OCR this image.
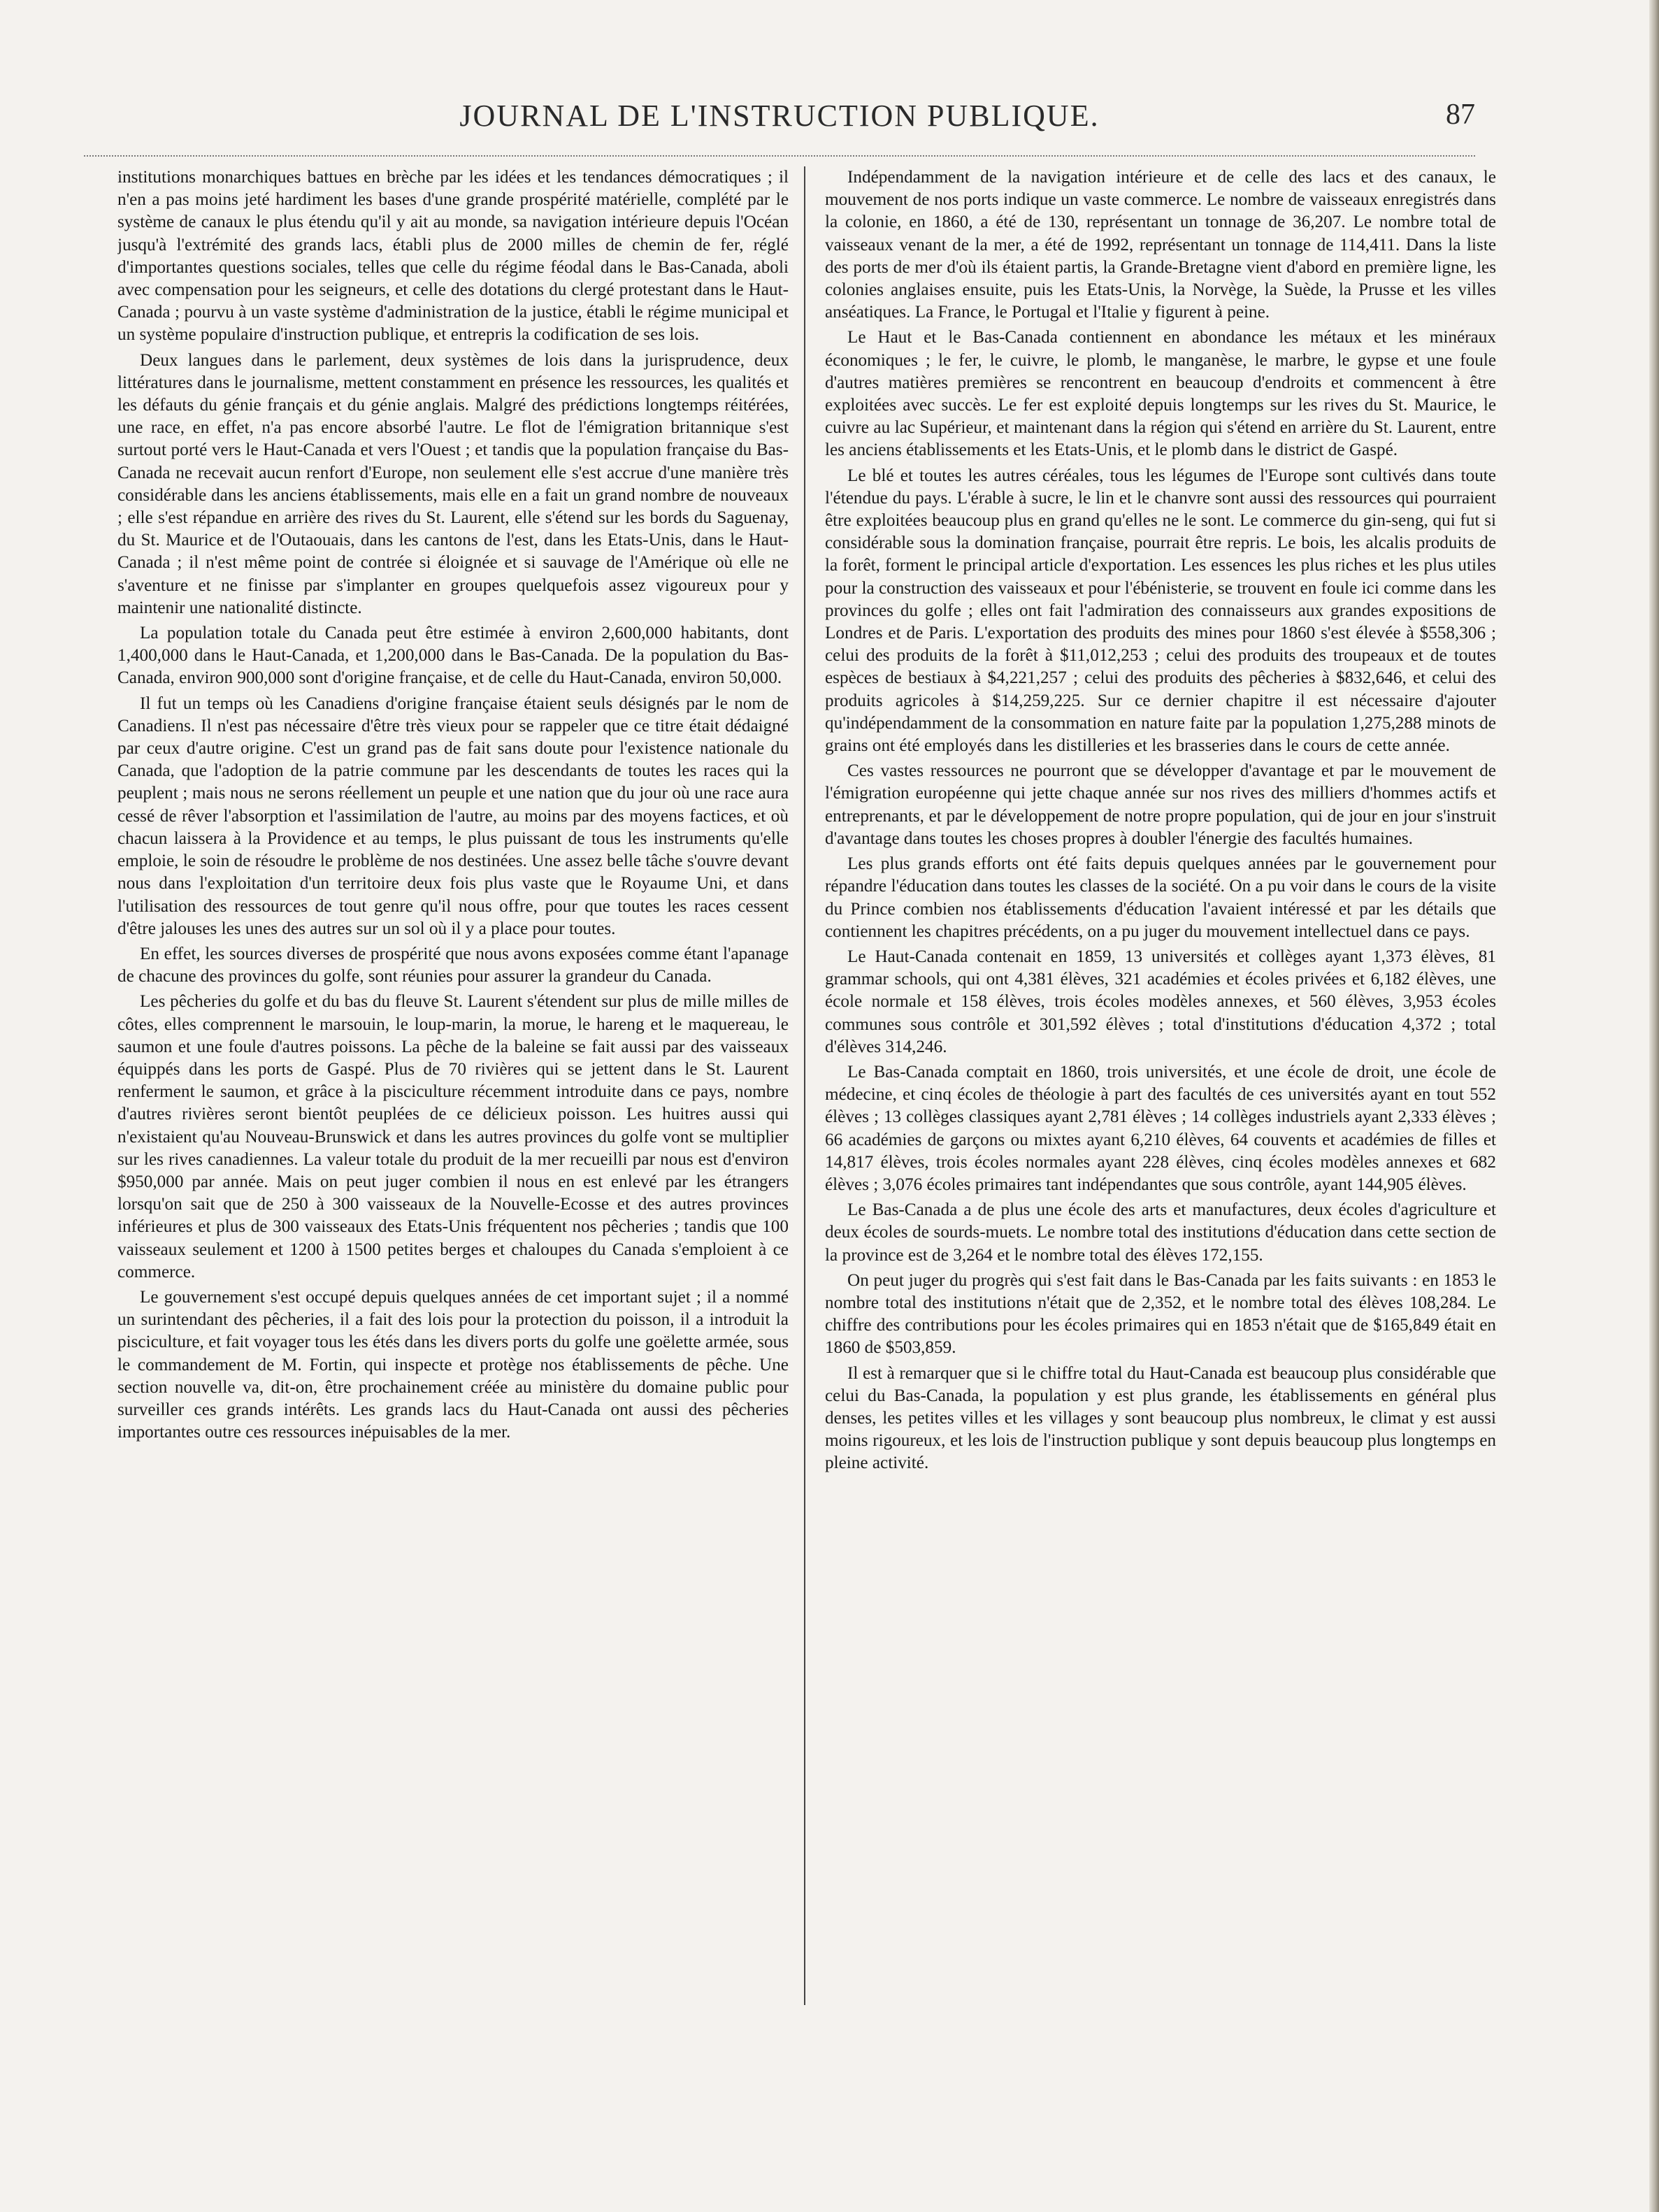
JOURNAL DE L'INSTRUCTION PUBLIQUE.	87

institutions monarchiques battues en brèche par les idées et les tendances démocratiques ; il n'en a pas moins jeté hardiment les bases d'une grande prospérité matérielle, complété par le système de canaux le plus étendu qu'il y ait au monde, sa navigation intérieure depuis l'Océan jusqu'à l'extrémité des grands lacs, établi plus de 2000 milles de chemin de fer, réglé d'importantes questions sociales, telles que celle du régime féodal dans le Bas-Canada, aboli avec compensation pour les seigneurs, et celle des dotations du clergé protestant dans le Haut-Canada ; pourvu à un vaste système d'administration de la justice, établi le régime municipal et un système populaire d'instruction publique, et entrepris la codification de ses lois.

Deux langues dans le parlement, deux systèmes de lois dans la jurisprudence, deux littératures dans le journalisme, mettent constamment en présence les ressources, les qualités et les défauts du génie français et du génie anglais. Malgré des prédictions longtemps réitérées, une race, en effet, n'a pas encore absorbé l'autre. Le flot de l'émigration britannique s'est surtout porté vers le Haut-Canada et vers l'Ouest ; et tandis que la population française du Bas-Canada ne recevait aucun renfort d'Europe, non seulement elle s'est accrue d'une manière très considérable dans les anciens établissements, mais elle en a fait un grand nombre de nouveaux ; elle s'est répandue en arrière des rives du St. Laurent, elle s'étend sur les bords du Saguenay, du St. Maurice et de l'Outaouais, dans les cantons de l'est, dans les Etats-Unis, dans le Haut-Canada ; il n'est même point de contrée si éloignée et si sauvage de l'Amérique où elle ne s'aventure et ne finisse par s'implanter en groupes quelquefois assez vigoureux pour y maintenir une nationalité distincte.

La population totale du Canada peut être estimée à environ 2,600,000 habitants, dont 1,400,000 dans le Haut-Canada, et 1,200,000 dans le Bas-Canada. De la population du Bas-Canada, environ 900,000 sont d'origine française, et de celle du Haut-Canada, environ 50,000.

Il fut un temps où les Canadiens d'origine française étaient seuls désignés par le nom de Canadiens. Il n'est pas nécessaire d'être très vieux pour se rappeler que ce titre était dédaigné par ceux d'autre origine. C'est un grand pas de fait sans doute pour l'existence nationale du Canada, que l'adoption de la patrie commune par les descendants de toutes les races qui la peuplent ; mais nous ne serons réellement un peuple et une nation que du jour où une race aura cessé de rêver l'absorption et l'assimilation de l'autre, au moins par des moyens factices, et où chacun laissera à la Providence et au temps, le plus puissant de tous les instruments qu'elle emploie, le soin de résoudre le problème de nos destinées. Une assez belle tâche s'ouvre devant nous dans l'exploitation d'un territoire deux fois plus vaste que le Royaume Uni, et dans l'utilisation des ressources de tout genre qu'il nous offre, pour que toutes les races cessent d'être jalouses les unes des autres sur un sol où il y a place pour toutes.

En effet, les sources diverses de prospérité que nous avons exposées comme étant l'apanage de chacune des provinces du golfe, sont réunies pour assurer la grandeur du Canada.

Les pêcheries du golfe et du bas du fleuve St. Laurent s'étendent sur plus de mille milles de côtes, elles comprennent le marsouin, le loup-marin, la morue, le hareng et le maquereau, le saumon et une foule d'autres poissons. La pêche de la baleine se fait aussi par des vaisseaux équippés dans les ports de Gaspé. Plus de 70 rivières qui se jettent dans le St. Laurent renferment le saumon, et grâce à la pisciculture récemment introduite dans ce pays, nombre d'autres rivières seront bientôt peuplées de ce délicieux poisson. Les huitres aussi qui n'existaient qu'au Nouveau-Brunswick et dans les autres provinces du golfe vont se multiplier sur les rives canadiennes. La valeur totale du produit de la mer recueilli par nous est d'environ $950,000 par année. Mais on peut juger combien il nous en est enlevé par les étrangers lorsqu'on sait que de 250 à 300 vaisseaux de la Nouvelle-Ecosse et des autres provinces inférieures et plus de 300 vaisseaux des Etats-Unis fréquentent nos pêcheries ; tandis que 100 vaisseaux seulement et 1200 à 1500 petites berges et chaloupes du Canada s'emploient à ce commerce.

Le gouvernement s'est occupé depuis quelques années de cet important sujet ; il a nommé un surintendant des pêcheries, il a fait des lois pour la protection du poisson, il a introduit la pisciculture, et fait voyager tous les étés dans les divers ports du golfe une goëlette armée, sous le commandement de M. Fortin, qui inspecte et protège nos établissements de pêche. Une section nouvelle va, dit-on, être prochainement créée au ministère du domaine public pour surveiller ces grands intérêts. Les grands lacs du Haut-Canada ont aussi des pêcheries importantes outre ces ressources inépuisables de la mer.

Indépendamment de la navigation intérieure et de celle des lacs et des canaux, le mouvement de nos ports indique un vaste commerce. Le nombre de vaisseaux enregistrés dans la colonie, en 1860, a été de 130, représentant un tonnage de 36,207. Le nombre total de vaisseaux venant de la mer, a été de 1992, représentant un tonnage de 114,411. Dans la liste des ports de mer d'où ils étaient partis, la Grande-Bretagne vient d'abord en première ligne, les colonies anglaises ensuite, puis les Etats-Unis, la Norvège, la Suède, la Prusse et les villes anséatiques. La France, le Portugal et l'Italie y figurent à peine.

Le Haut et le Bas-Canada contiennent en abondance les métaux et les minéraux économiques ; le fer, le cuivre, le plomb, le manganèse, le marbre, le gypse et une foule d'autres matières premières se rencontrent en beaucoup d'endroits et commencent à être exploitées avec succès. Le fer est exploité depuis longtemps sur les rives du St. Maurice, le cuivre au lac Supérieur, et maintenant dans la région qui s'étend en arrière du St. Laurent, entre les anciens établissements et les Etats-Unis, et le plomb dans le district de Gaspé.

Le blé et toutes les autres céréales, tous les légumes de l'Europe sont cultivés dans toute l'étendue du pays. L'érable à sucre, le lin et le chanvre sont aussi des ressources qui pourraient être exploitées beaucoup plus en grand qu'elles ne le sont. Le commerce du gin-seng, qui fut si considérable sous la domination française, pourrait être repris. Le bois, les alcalis produits de la forêt, forment le principal article d'exportation. Les essences les plus riches et les plus utiles pour la construction des vaisseaux et pour l'ébénisterie, se trouvent en foule ici comme dans les provinces du golfe ; elles ont fait l'admiration des connaisseurs aux grandes expositions de Londres et de Paris. L'exportation des produits des mines pour 1860 s'est élevée à $558,306 ; celui des produits de la forêt à $11,012,253 ; celui des produits des troupeaux et de toutes espèces de bestiaux à $4,221,257 ; celui des produits des pêcheries à $832,646, et celui des produits agricoles à $14,259,225. Sur ce dernier chapitre il est nécessaire d'ajouter qu'indépendamment de la consommation en nature faite par la population 1,275,288 minots de grains ont été employés dans les distilleries et les brasseries dans le cours de cette année.

Ces vastes ressources ne pourront que se développer d'avantage et par le mouvement de l'émigration européenne qui jette chaque année sur nos rives des milliers d'hommes actifs et entreprenants, et par le développement de notre propre population, qui de jour en jour s'instruit d'avantage dans toutes les choses propres à doubler l'énergie des facultés humaines.

Les plus grands efforts ont été faits depuis quelques années par le gouvernement pour répandre l'éducation dans toutes les classes de la société. On a pu voir dans le cours de la visite du Prince combien nos établissements d'éducation l'avaient intéressé et par les détails que contiennent les chapitres précédents, on a pu juger du mouvement intellectuel dans ce pays.

Le Haut-Canada contenait en 1859, 13 universités et collèges ayant 1,373 élèves, 81 grammar schools, qui ont 4,381 élèves, 321 académies et écoles privées et 6,182 élèves, une école normale et 158 élèves, trois écoles modèles annexes, et 560 élèves, 3,953 écoles communes sous contrôle et 301,592 élèves ; total d'institutions d'éducation 4,372 ; total d'élèves 314,246.

Le Bas-Canada comptait en 1860, trois universités, et une école de droit, une école de médecine, et cinq écoles de théologie à part des facultés de ces universités ayant en tout 552 élèves ; 13 collèges classiques ayant 2,781 élèves ; 14 collèges industriels ayant 2,333 élèves ; 66 académies de garçons ou mixtes ayant 6,210 élèves, 64 couvents et académies de filles et 14,817 élèves, trois écoles normales ayant 228 élèves, cinq écoles modèles annexes et 682 élèves ; 3,076 écoles primaires tant indépendantes que sous contrôle, ayant 144,905 élèves.

Le Bas-Canada a de plus une école des arts et manufactures, deux écoles d'agriculture et deux écoles de sourds-muets. Le nombre total des institutions d'éducation dans cette section de la province est de 3,264 et le nombre total des élèves 172,155.

On peut juger du progrès qui s'est fait dans le Bas-Canada par les faits suivants : en 1853 le nombre total des institutions n'était que de 2,352, et le nombre total des élèves 108,284. Le chiffre des contributions pour les écoles primaires qui en 1853 n'était que de $165,849 était en 1860 de $503,859.

Il est à remarquer que si le chiffre total du Haut-Canada est beaucoup plus considérable que celui du Bas-Canada, la population y est plus grande, les établissements en général plus denses, les petites villes et les villages y sont beaucoup plus nombreux, le climat y est aussi moins rigoureux, et les lois de l'instruction publique y sont depuis beaucoup plus longtemps en pleine activité.
